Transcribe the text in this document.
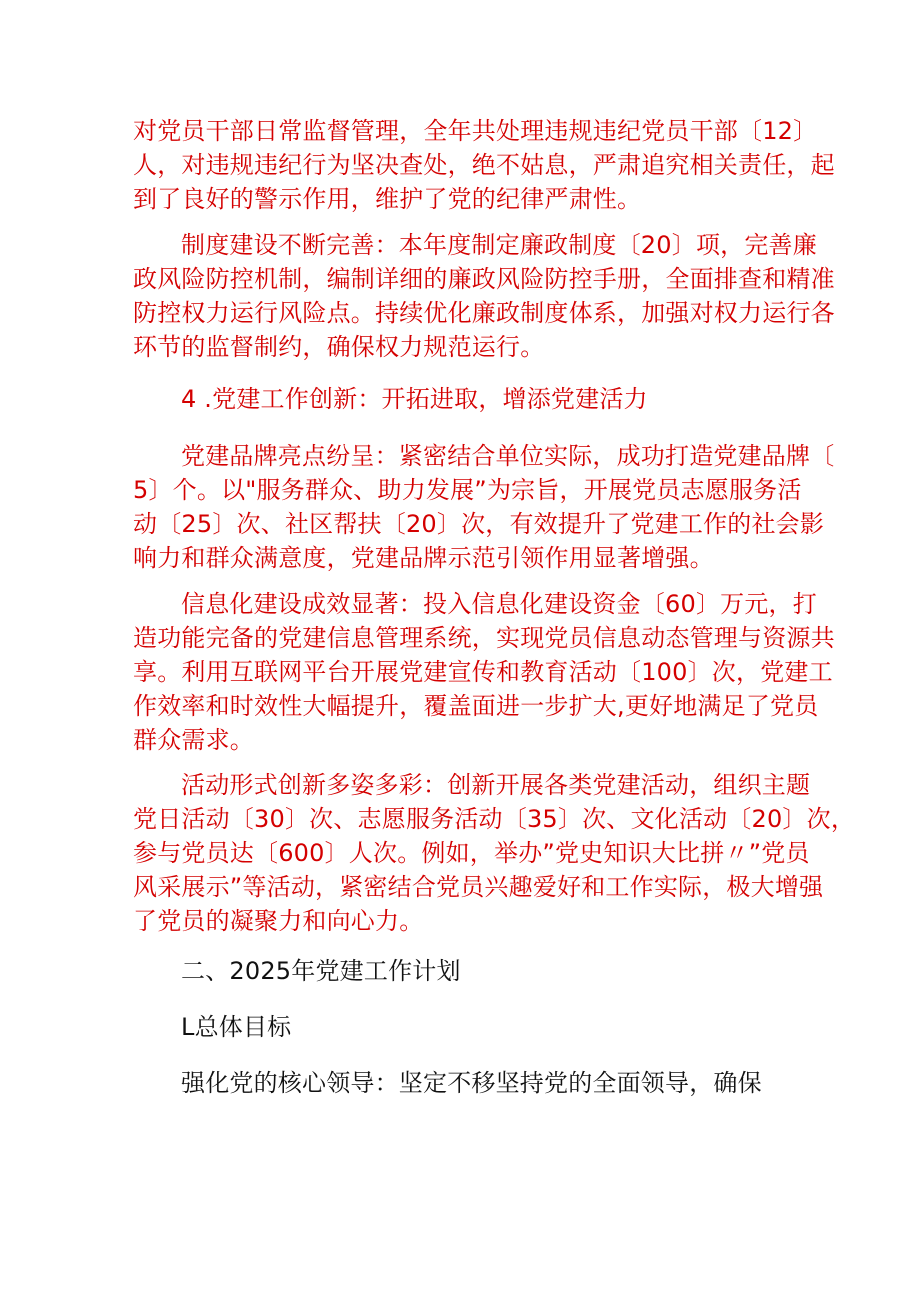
对党员干部日常监督管理，全年共处理违规违纪党员干部〔12〕
人，对违规违纪行为坚决查处，绝不姑息，严肃追究相关责任，起
到了良好的警示作用，维护了党的纪律严肃性。
制度建设不断完善：本年度制定廉政制度〔20〕项，完善廉
政风险防控机制，编制详细的廉政风险防控手册，全面排查和精准
防控权力运行风险点。持续优化廉政制度体系，加强对权力运行各
环节的监督制约，确保权力规范运行。
4 .党建工作创新：开拓进取，增添党建活力
党建品牌亮点纷呈：紧密结合单位实际，成功打造党建品牌〔
5〕个。以"服务群众、助力发展”为宗旨，开展党员志愿服务活
动〔25〕次、社区帮扶〔20〕次，有效提升了党建工作的社会影
响力和群众满意度，党建品牌示范引领作用显著增强。
信息化建设成效显著：投入信息化建设资金〔60〕万元，打
造功能完备的党建信息管理系统，实现党员信息动态管理与资源共
享。利用互联网平台开展党建宣传和教育活动〔100〕次，党建工
作效率和时效性大幅提升，覆盖面进一步扩大,更好地满足了党员
群众需求。
活动形式创新多姿多彩：创新开展各类党建活动，组织主题
党日活动〔30〕次、志愿服务活动〔35〕次、文化活动〔20〕次，
参与党员达〔600〕人次。例如，举办”党史知识大比拼〃”党员
风采展示”等活动，紧密结合党员兴趣爱好和工作实际，极大增强
了党员的凝聚力和向心力。
二、2025年党建工作计划
L总体目标
强化党的核心领导：坚定不移坚持党的全面领导，确保
